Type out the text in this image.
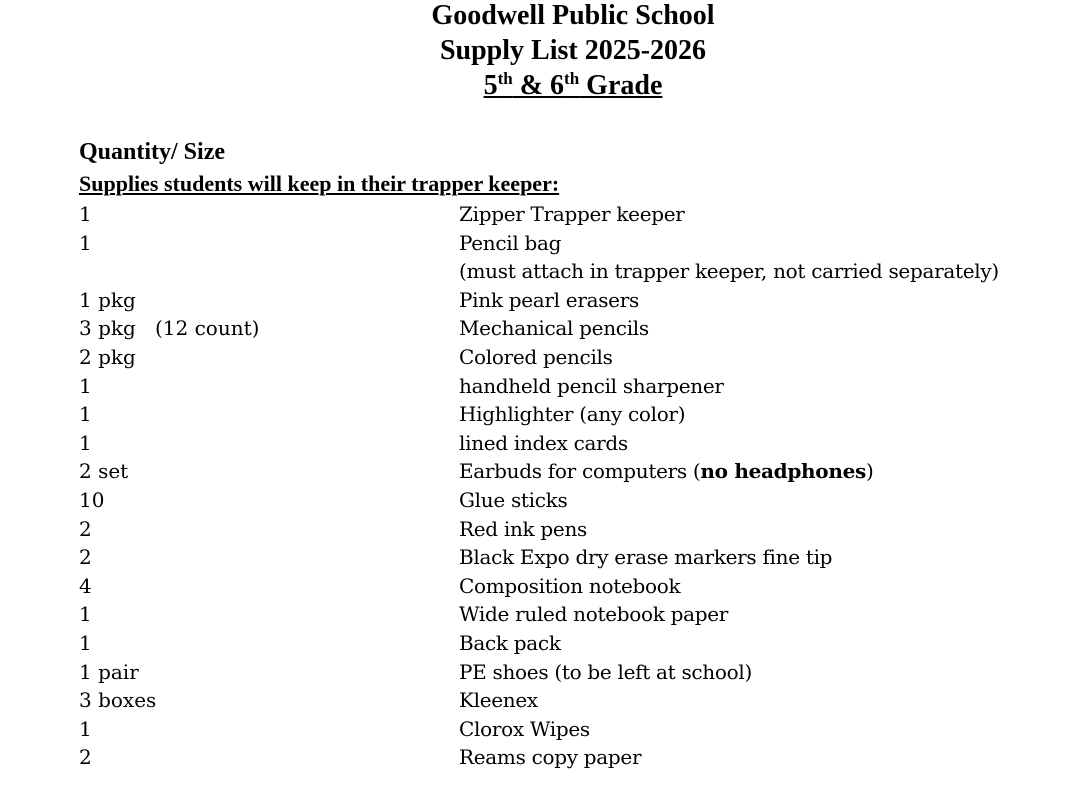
Goodwell Public School
Supply List 2025-2026
5th & 6th Grade
Quantity/ Size
Supplies students will keep in their trapper keeper:
1	Zipper Trapper keeper
1	Pencil bag
(must attach in trapper keeper, not carried separately)
1 pkg	Pink pearl erasers
3 pkg (12 count)	Mechanical pencils
2 pkg	Colored pencils
1	handheld pencil sharpener
1	Highlighter (any color)
1	lined index cards
2 set	Earbuds for computers (no headphones)
10	Glue sticks
2	Red ink pens
2	Black Expo dry erase markers fine tip
4	Composition notebook
1	Wide ruled notebook paper
1	Back pack
1 pair	PE shoes (to be left at school)
3 boxes	Kleenex
1	Clorox Wipes
2	Reams copy paper
